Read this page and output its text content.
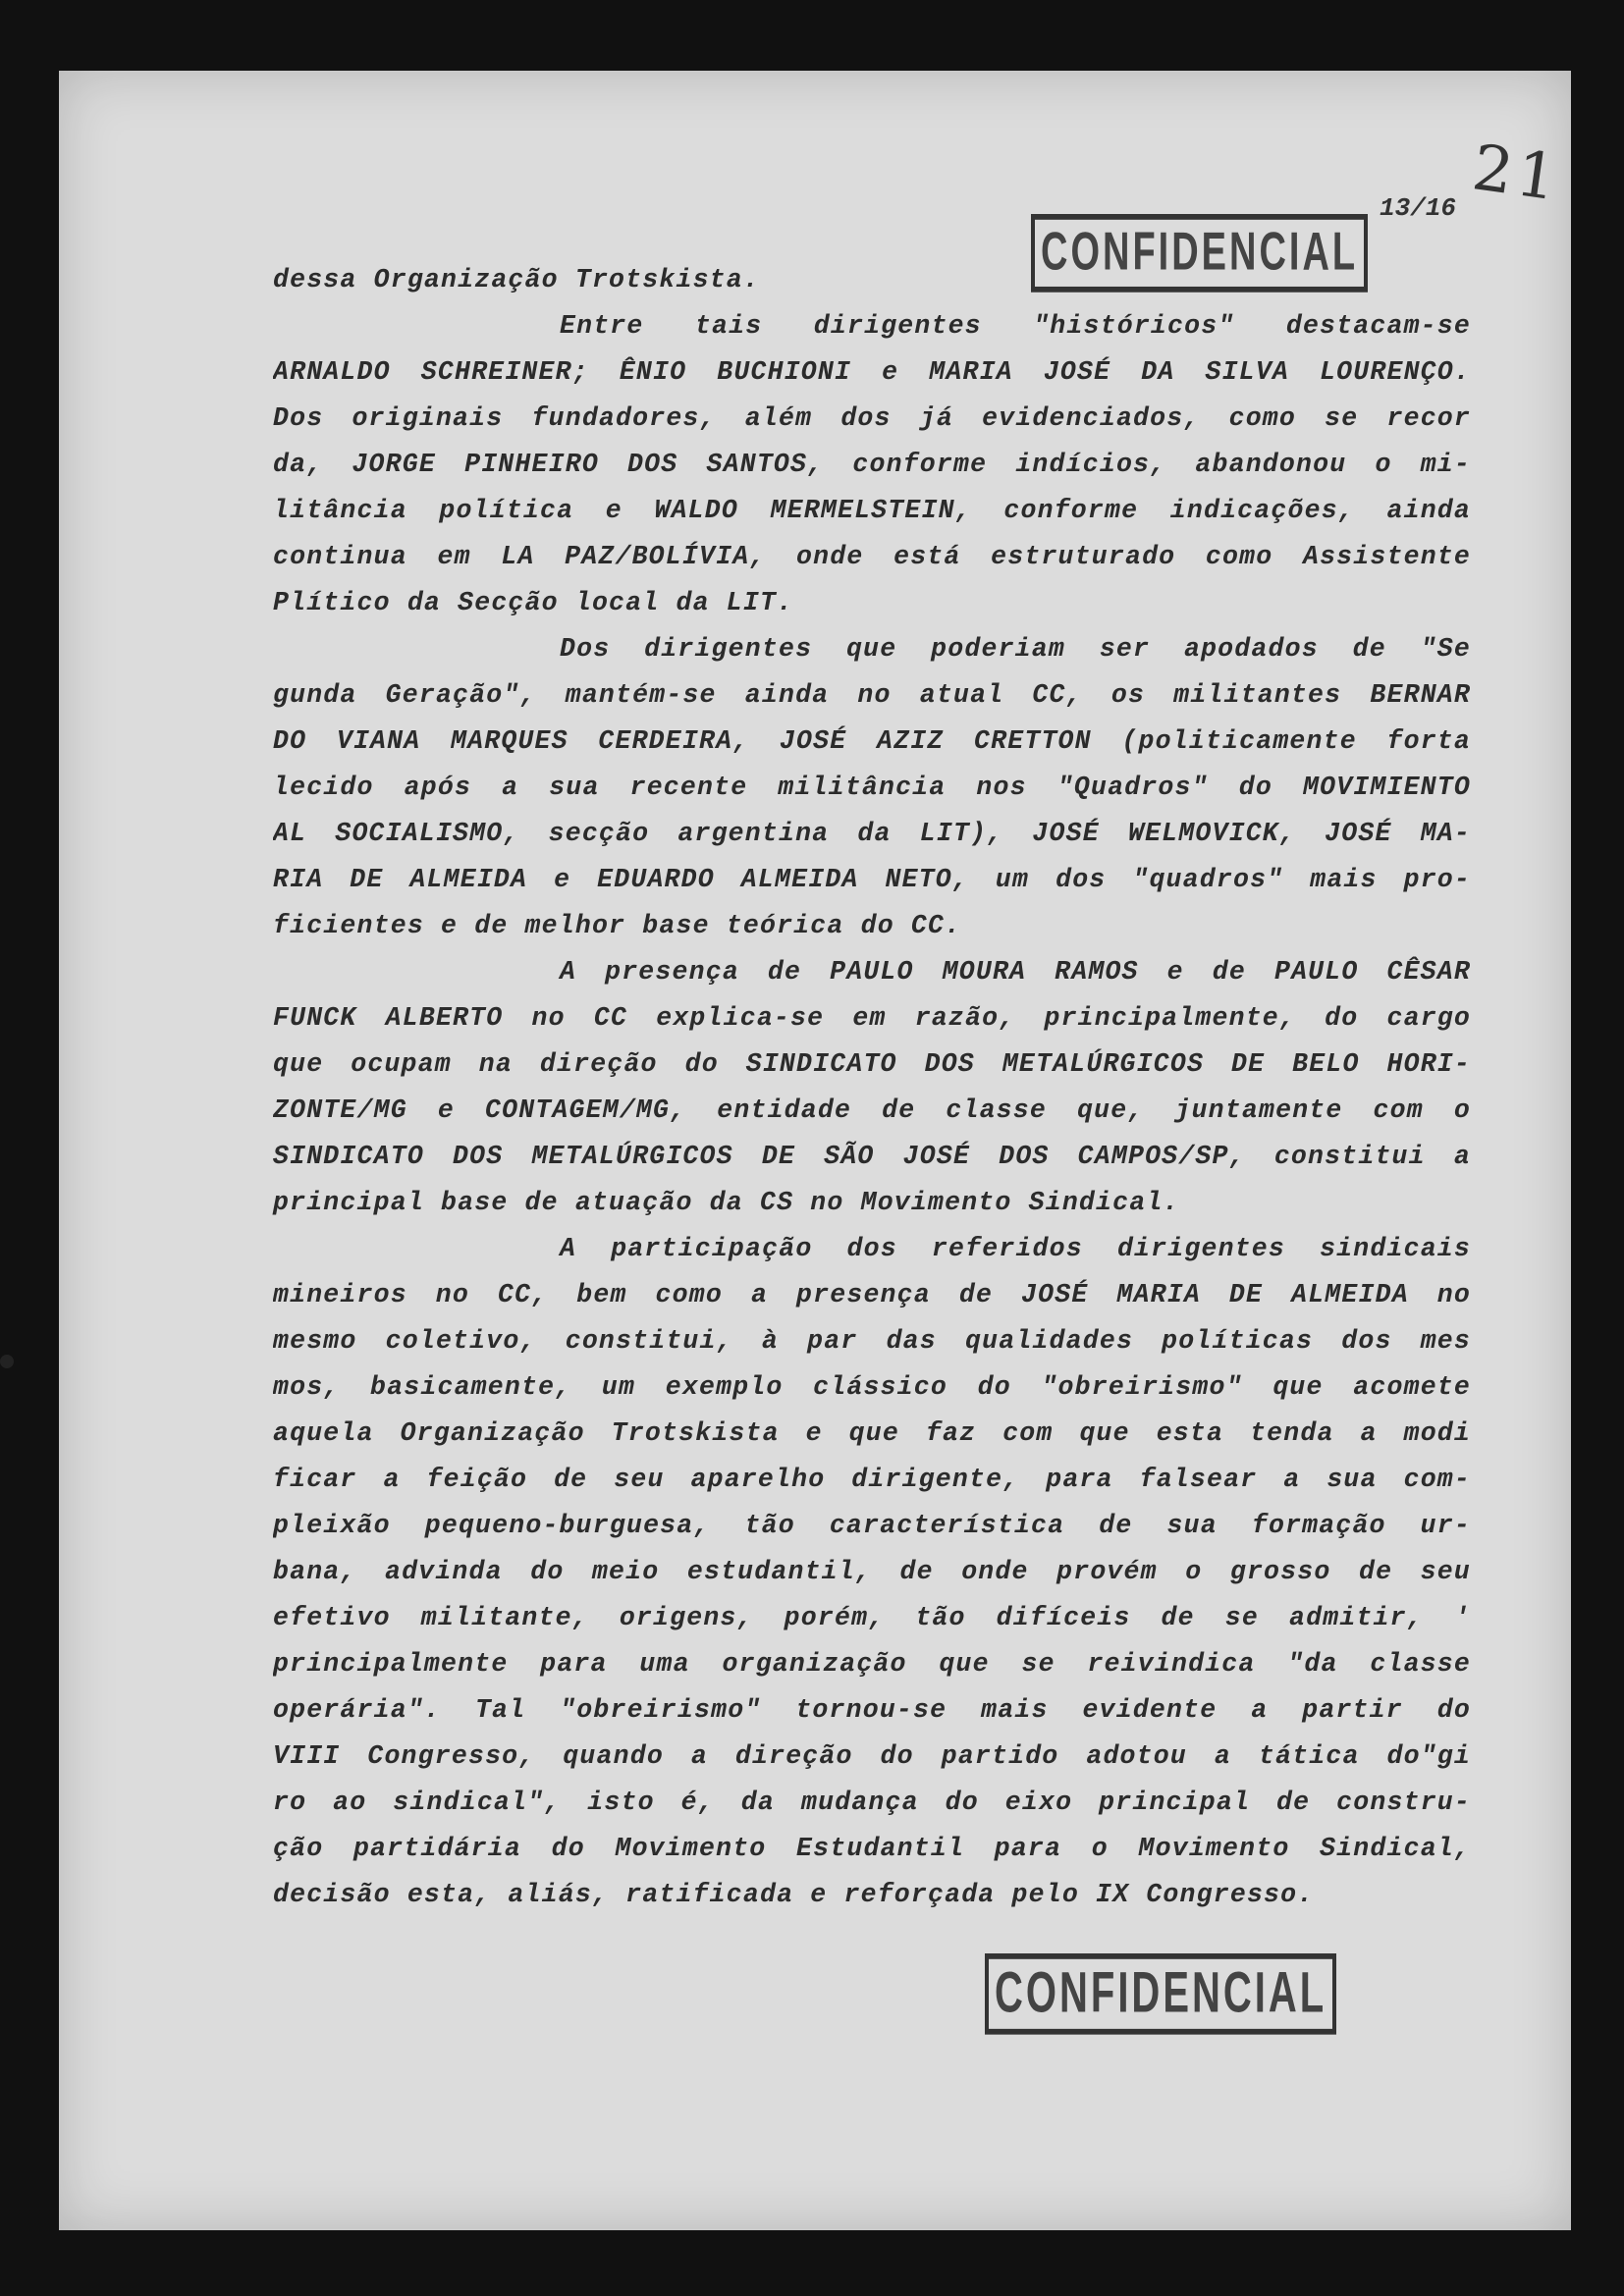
21
13/16
CONFIDENCIAL
dessa Organização Trotskista.
Entre tais dirigentes "históricos" destacam-se
ARNALDO SCHREINER; ÊNIO BUCHIONI e MARIA JOSÉ DA SILVA LOURENÇO.
Dos originais fundadores, além dos já evidenciados, como se recor
da, JORGE PINHEIRO DOS SANTOS, conforme indícios, abandonou o mi-
litância política e WALDO MERMELSTEIN, conforme indicações, ainda
continua em LA PAZ/BOLÍVIA, onde está estruturado como Assistente
Plítico da Secção local da LIT.
Dos dirigentes que poderiam ser apodados de "Se
gunda Geração", mantém-se ainda no atual CC, os militantes BERNAR
DO VIANA MARQUES CERDEIRA, JOSÉ AZIZ CRETTON (politicamente forta
lecido após a sua recente militância nos "Quadros" do MOVIMIENTO
AL SOCIALISMO, secção argentina da LIT), JOSÉ WELMOVICK, JOSÉ MA-
RIA DE ALMEIDA e EDUARDO ALMEIDA NETO, um dos "quadros" mais pro-
ficientes e de melhor base teórica do CC.
A presença de PAULO MOURA RAMOS e de PAULO CÊSAR
FUNCK ALBERTO no CC explica-se em razão, principalmente, do cargo
que ocupam na direção do SINDICATO DOS METALÚRGICOS DE BELO HORI-
ZONTE/MG e CONTAGEM/MG, entidade de classe que, juntamente com o
SINDICATO DOS METALÚRGICOS DE SÃO JOSÉ DOS CAMPOS/SP, constitui a
principal base de atuação da CS no Movimento Sindical.
A participação dos referidos dirigentes sindicais
mineiros no CC, bem como a presença de JOSÉ MARIA DE ALMEIDA no
mesmo coletivo, constitui, à par das qualidades políticas dos mes
mos, basicamente, um exemplo clássico do "obreirismo" que acomete
aquela Organização Trotskista e que faz com que esta tenda a modi
ficar a feição de seu aparelho dirigente, para falsear a sua com-
pleixão pequeno-burguesa, tão característica de sua formação ur-
bana, advinda do meio estudantil, de onde provém o grosso de seu
efetivo militante, origens, porém, tão difíceis de se admitir, '
principalmente para uma organização que se reivindica "da classe
operária". Tal "obreirismo" tornou-se mais evidente a partir do
VIII Congresso, quando a direção do partido adotou a tática do"gi
ro ao sindical", isto é, da mudança do eixo principal de constru-
ção partidária do Movimento Estudantil para o Movimento Sindical,
decisão esta, aliás, ratificada e reforçada pelo IX Congresso.
CONFIDENCIAL
